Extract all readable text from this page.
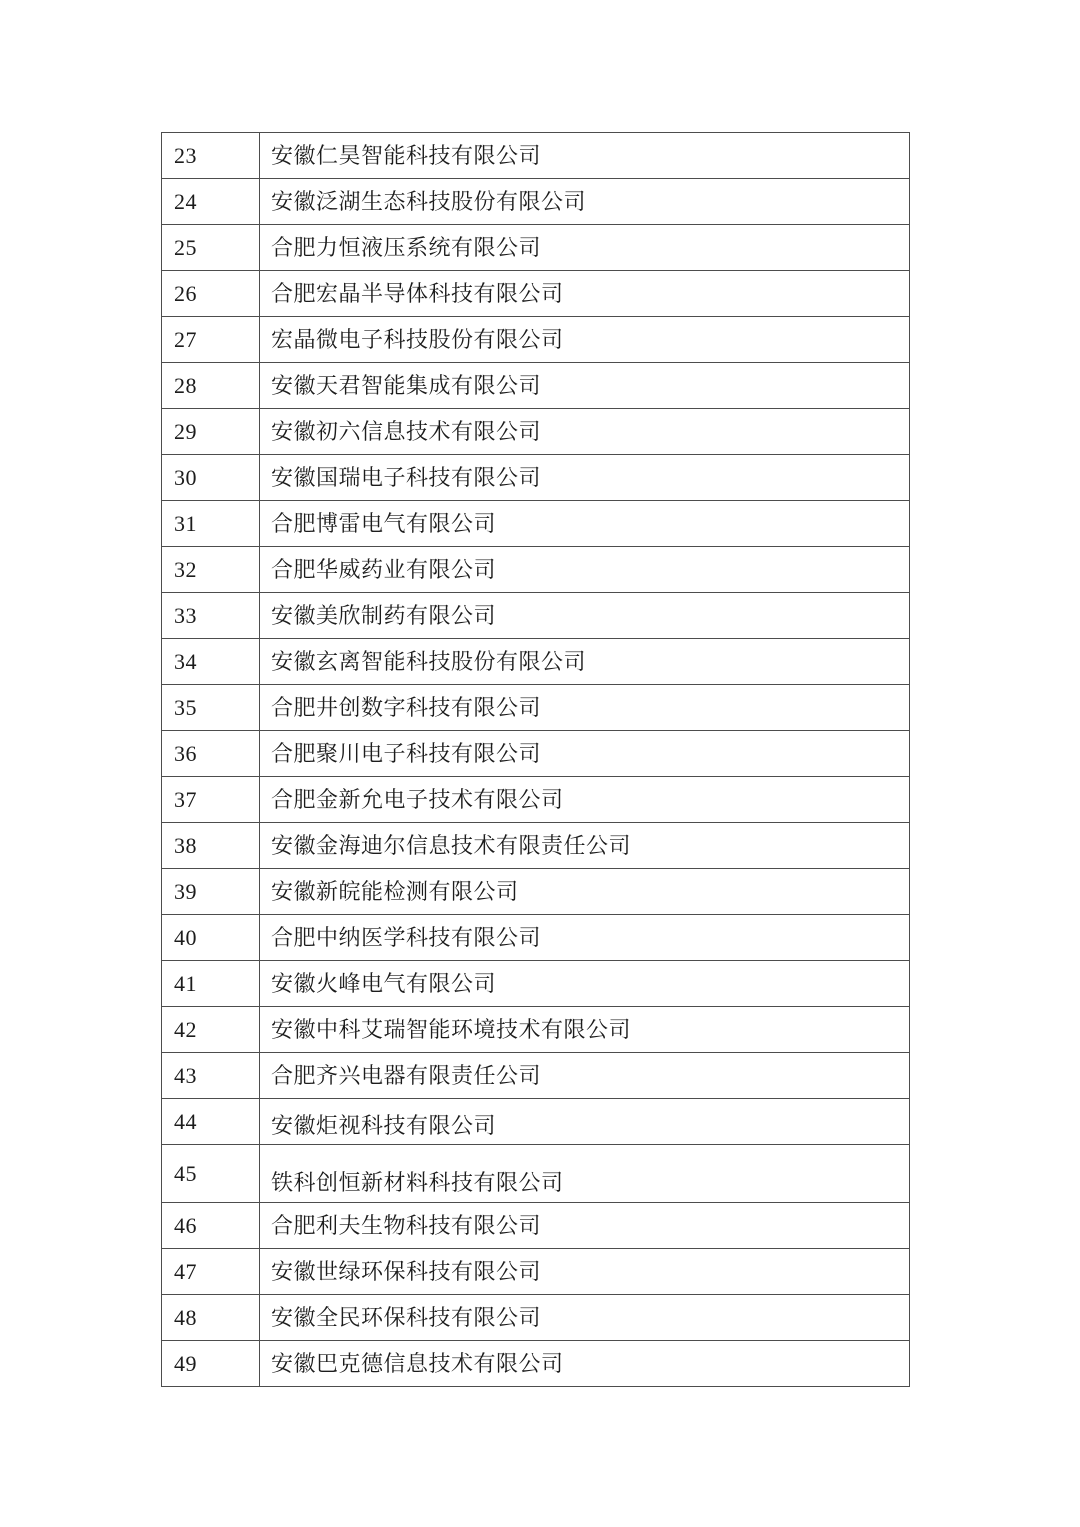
23	安徽仁昊智能科技有限公司
24	安徽泛湖生态科技股份有限公司
25	合肥力恒液压系统有限公司
26	合肥宏晶半导体科技有限公司
27	宏晶微电子科技股份有限公司
28	安徽天君智能集成有限公司
29	安徽初六信息技术有限公司
30	安徽国瑞电子科技有限公司
31	合肥博雷电气有限公司
32	合肥华威药业有限公司
33	安徽美欣制药有限公司
34	安徽玄离智能科技股份有限公司
35	合肥井创数字科技有限公司
36	合肥聚川电子科技有限公司
37	合肥金新允电子技术有限公司
38	安徽金海迪尔信息技术有限责任公司
39	安徽新皖能检测有限公司
40	合肥中纳医学科技有限公司
41	安徽火峰电气有限公司
42	安徽中科艾瑞智能环境技术有限公司
43	合肥齐兴电器有限责任公司
44	安徽炬视科技有限公司
45	铁科创恒新材料科技有限公司
46	合肥利夫生物科技有限公司
47	安徽世绿环保科技有限公司
48	安徽全民环保科技有限公司
49	安徽巴克德信息技术有限公司
